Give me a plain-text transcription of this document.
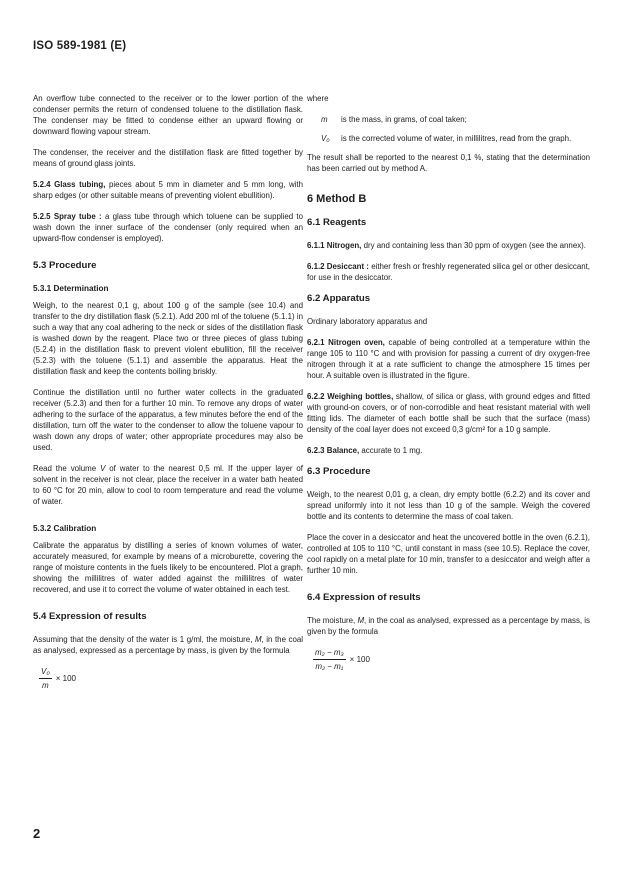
ISO 589-1981 (E)

An overflow tube connected to the receiver or to the lower portion of the condenser permits the return of condensed toluene to the distillation flask. The condenser may be fitted to condense either an upward flowing or downward flowing vapour stream.

The condenser, the receiver and the distillation flask are fitted together by means of ground glass joints.

5.2.4 Glass tubing, pieces about 5 mm in diameter and 5 mm long, with sharp edges (or other suitable means of preventing violent ebullition).

5.2.5 Spray tube : a glass tube through which toluene can be supplied to wash down the inner surface of the condenser (only required when an upward-flow condenser is employed).

5.3 Procedure
5.3.1 Determination

Weigh, to the nearest 0,1 g, about 100 g of the sample (see 10.4) and transfer to the dry distillation flask (5.2.1). Add 200 ml of the toluene (5.1.1) in such a way that any coal adhering to the neck or sides of the distillation flask is washed down by the reagent. Place two or three pieces of glass tubing (5.2.4) in the distillation flask to prevent violent ebullition, fill the receiver (5.2.3) with the toluene (5.1.1) and assemble the apparatus. Heat the distillation flask and keep the contents boiling briskly.

Continue the distillation until no further water collects in the graduated receiver (5.2.3) and then for a further 10 min. To remove any drops of water adhering to the surface of the apparatus, a few minutes before the end of the distillation, turn off the water to the condenser to allow the toluene vapour to wash down any drops of water; other appropriate procedures may also be used.

Read the volume V of water to the nearest 0,5 ml. If the upper layer of solvent in the receiver is not clear, place the receiver in a water bath heated to 60 °C for 20 min, allow to cool to room temperature and read the volume of water.

5.3.2 Calibration

Calibrate the apparatus by distilling a series of known volumes of water, accurately measured, for example by means of a microburette, covering the range of moisture contents in the fuels likely to be encountered. Plot a graph, showing the millilitres of water added against the millilitres of water recovered, and use it to correct the volume of water obtained in each test.

5.4 Expression of results

Assuming that the density of the water is 1 g/ml, the moisture, M, in the coal as analysed, expressed as a percentage by mass, is given by the formula

$\frac{\text{V₀}}{m} \times 100$

where

m	is the mass, in grams, of coal taken;
V₀	is the corrected volume of water, in millilitres, read from the graph.

The result shall be reported to the nearest 0,1 %, stating that the determination has been carried out by method A.

6 Method B
6.1 Reagents

6.1.1 Nitrogen, dry and containing less than 30 ppm of oxygen (see the annex).

6.1.2 Desiccant : either fresh or freshly regenerated silica gel or other desiccant, for use in the desiccator.

6.2 Apparatus

Ordinary laboratory apparatus and

6.2.1 Nitrogen oven, capable of being controlled at a temperature within the range 105 to 110 °C and with provision for passing a current of dry oxygen-free nitrogen through it at a rate sufficient to change the atmosphere 15 times per hour. A suitable oven is illustrated in the figure.

6.2.2 Weighing bottles, shallow, of silica or glass, with ground edges and fitted with ground-on covers, or of non-corrodible and heat resistant material with well fitting lids. The diameter of each bottle shall be such that the surface (mass) density of the coal layer does not exceed 0,3 g/cm² for a 10 g sample.

6.2.3 Balance, accurate to 1 mg.

6.3 Procedure

Weigh, to the nearest 0,01 g, a clean, dry empty bottle (6.2.2) and its cover and spread uniformly into it not less than 10 g of the sample. Weigh the covered bottle and its contents to determine the mass of coal taken.

Place the cover in a desiccator and heat the uncovered bottle in the oven (6.2.1), controlled at 105 to 110 °C, until constant in mass (see 10.5). Replace the cover, cool rapidly on a metal plate for 10 min, transfer to a desiccator and weigh after a further 10 min.

6.4 Expression of results

The moisture, M, in the coal as analysed, expressed as a percentage by mass, is given by the formula

$\frac{\text{m₂ − m₃}}{\text{m₂ − m₁}} \times 100$
2
